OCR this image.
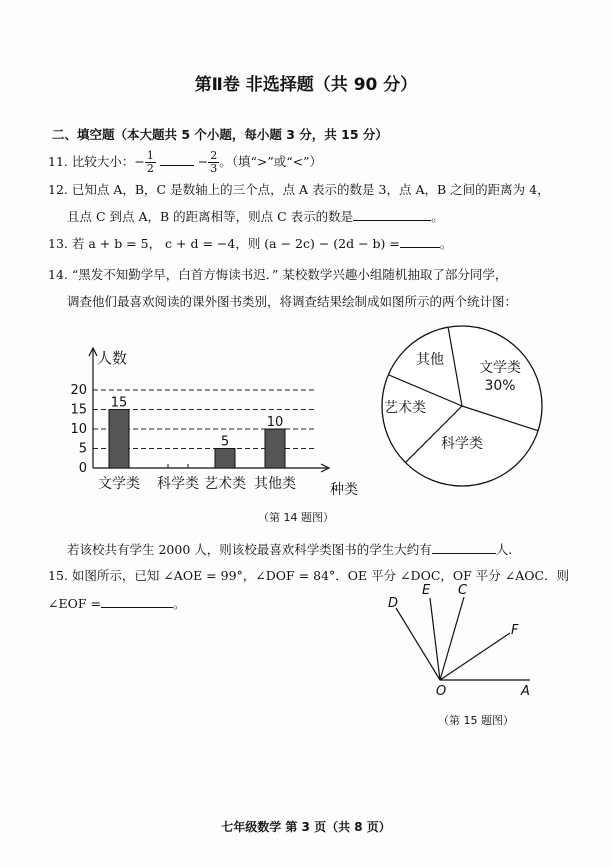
第Ⅱ卷 非选择题（共 90 分）
二、填空题（本大题共 5 个小题，每小题 3 分，共 15 分）
11. 比较大小：− $\frac{1}{2}$	− $\frac{2}{3}$ 。（填“>”或“<”）
12. 已知点 A，B，C 是数轴上的三个点，点 A 表示的数是 3，点 A，B 之间的距离为 4，
且点 C 到点 A，B 的距离相等，则点 C 表示的数是	。
13. 若 a + b = 5， c + d = −4，则 (a − 2c) − (2d − b) =	。
14. “黑发不知勤学早，白首方悔读书迟．” 某校数学兴趣小组随机抽取了部分同学，
调查他们最喜欢阅读的课外图书类别，将调查结果绘制成如图所示的两个统计图：
0
5
10
15
20
人数
种类
15
文学类 科学类
5
艺术类
10
其他类
文学类
30%
科学类
艺术类
其他
（第 14 题图）
若该校共有学生 2000 人，则该校最喜欢科学类图书的学生大约有	人.
15. 如图所示，已知 ∠AOE = 99°，∠DOF = 84°．OE 平分 ∠DOC，OF 平分 ∠AOC．则
∠EOF =	。	D
E C
F
O	A
（第 15 题图）
七年级数学 第 3 页（共 8 页）
